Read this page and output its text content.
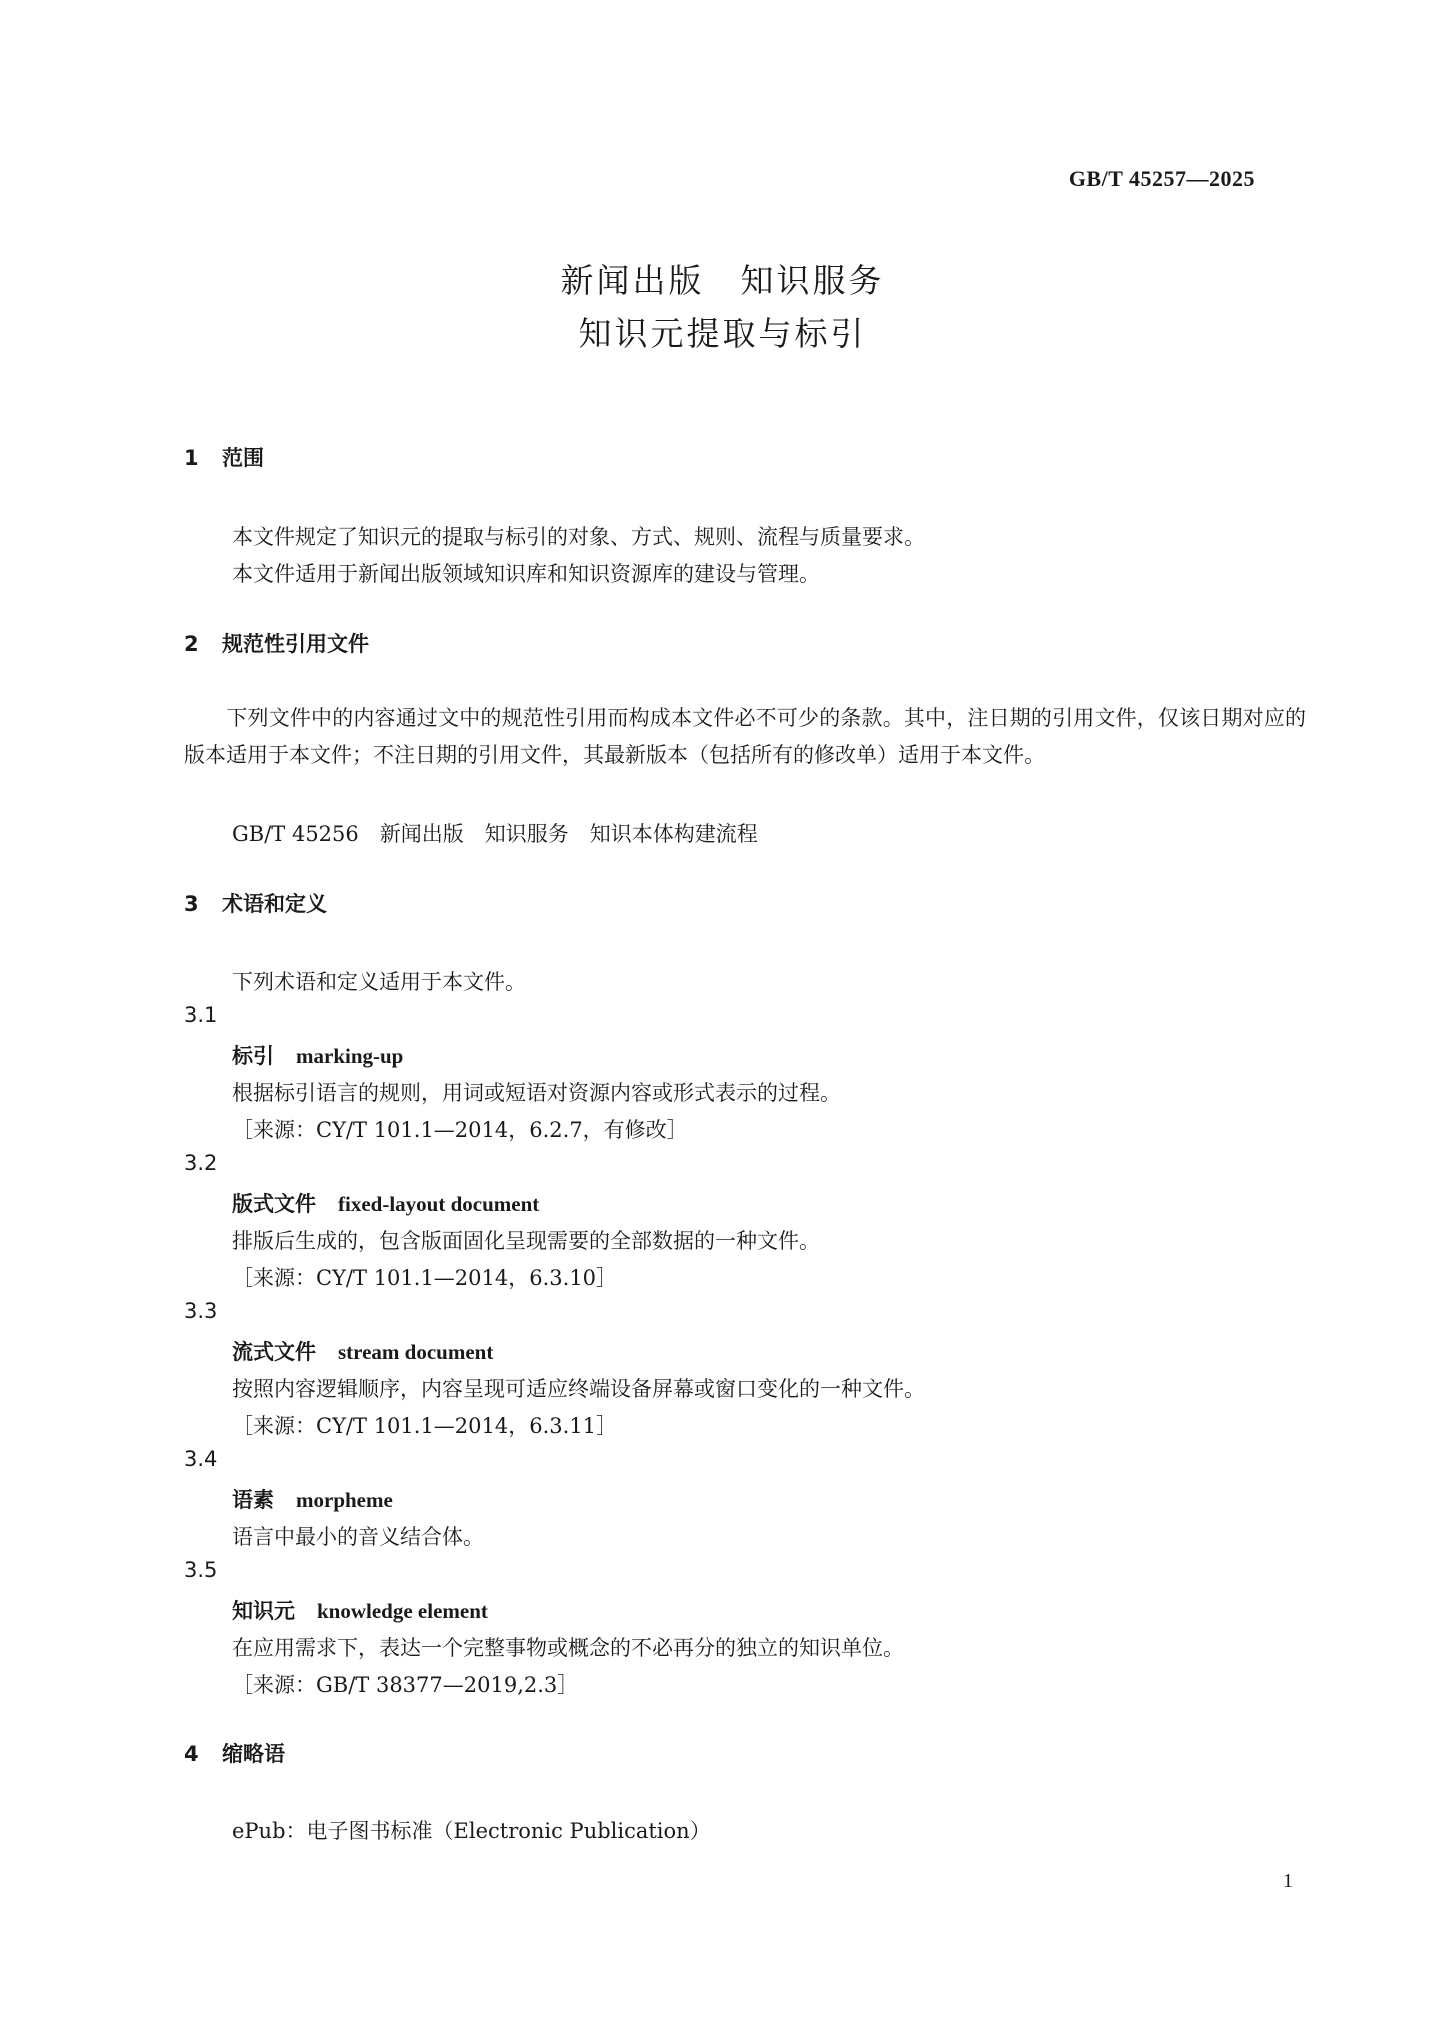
GB/T 45257—2025
新闻出版　知识服务
知识元提取与标引
1 范围
本文件规定了知识元的提取与标引的对象、方式、规则、流程与质量要求。
本文件适用于新闻出版领域知识库和知识资源库的建设与管理。
2 规范性引用文件
　　下列文件中的内容通过文中的规范性引用而构成本文件必不可少的条款。其中，注日期的引用文件，仅该日期对应的版本适用于本文件；不注日期的引用文件，其最新版本（包括所有的修改单）适用于本文件。
GB/T 45256　新闻出版　知识服务　知识本体构建流程
3 术语和定义
下列术语和定义适用于本文件。
3.1
标引 marking-up
根据标引语言的规则，用词或短语对资源内容或形式表示的过程。
［来源：CY/T 101.1—2014，6.2.7，有修改］
3.2
版式文件 fixed-layout document
排版后生成的，包含版面固化呈现需要的全部数据的一种文件。
［来源：CY/T 101.1—2014，6.3.10］
3.3
流式文件 stream document
按照内容逻辑顺序，内容呈现可适应终端设备屏幕或窗口变化的一种文件。
［来源：CY/T 101.1—2014，6.3.11］
3.4
语素 morpheme
语言中最小的音义结合体。
3.5
知识元 knowledge element
在应用需求下，表达一个完整事物或概念的不必再分的独立的知识单位。
［来源：GB/T 38377—2019,2.3］
4 缩略语
ePub：电子图书标准（Electronic Publication）
1
